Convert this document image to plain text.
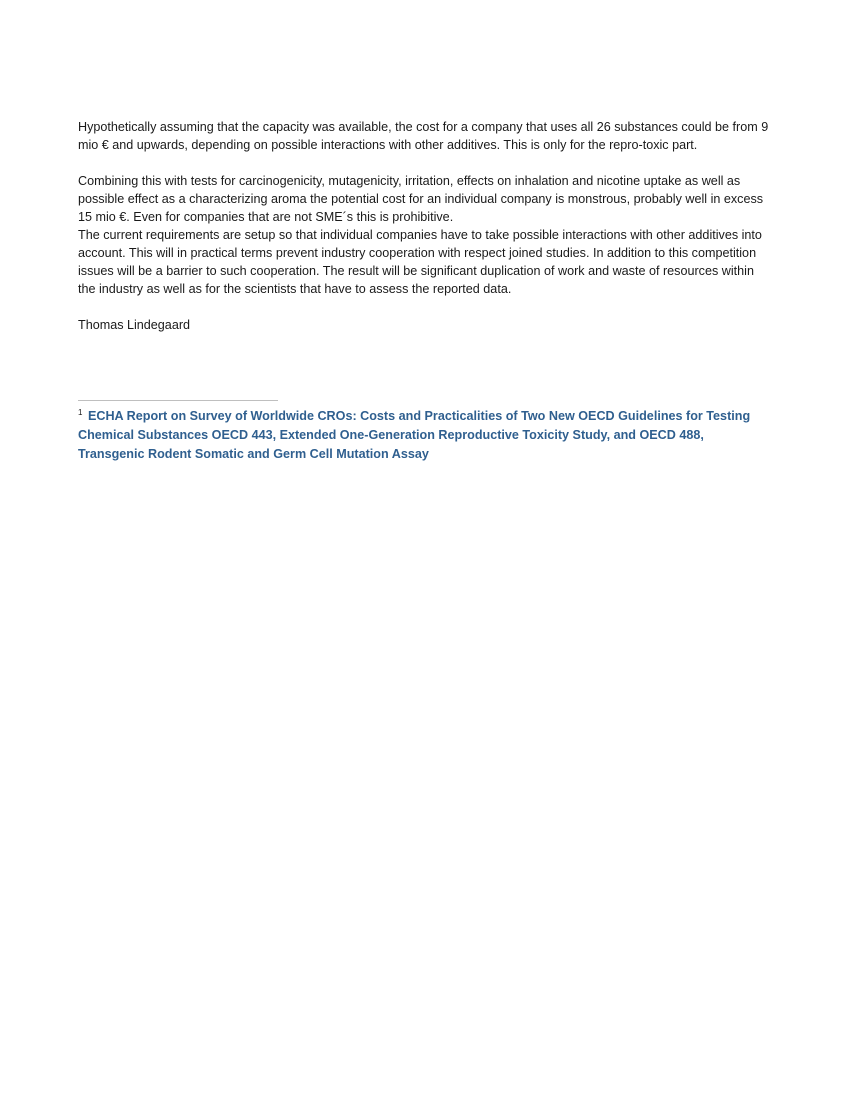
Hypothetically assuming that the capacity was available, the cost for a company that uses all 26 substances could be from 9 mio € and upwards, depending on possible interactions with other additives. This is only for the repro-toxic part.

Combining this with tests for carcinogenicity, mutagenicity, irritation, effects on inhalation and nicotine uptake as well as possible effect as a characterizing aroma the potential cost for an individual company is monstrous, probably well in excess 15 mio €. Even for companies that are not SME´s this is prohibitive.

The current requirements are setup so that individual companies have to take possible interactions with other additives into account. This will in practical terms prevent industry cooperation with respect joined studies. In addition to this competition issues will be a barrier to such cooperation. The result will be significant duplication of work and waste of resources within the industry as well as for the scientists that have to assess the reported data.

Thomas Lindegaard

$^1$ ECHA Report on Survey of Worldwide CROs: Costs and Practicalities of Two New OECD Guidelines for Testing Chemical Substances OECD 443, Extended One-Generation Reproductive Toxicity Study, and OECD 488, Transgenic Rodent Somatic and Germ Cell Mutation Assay
